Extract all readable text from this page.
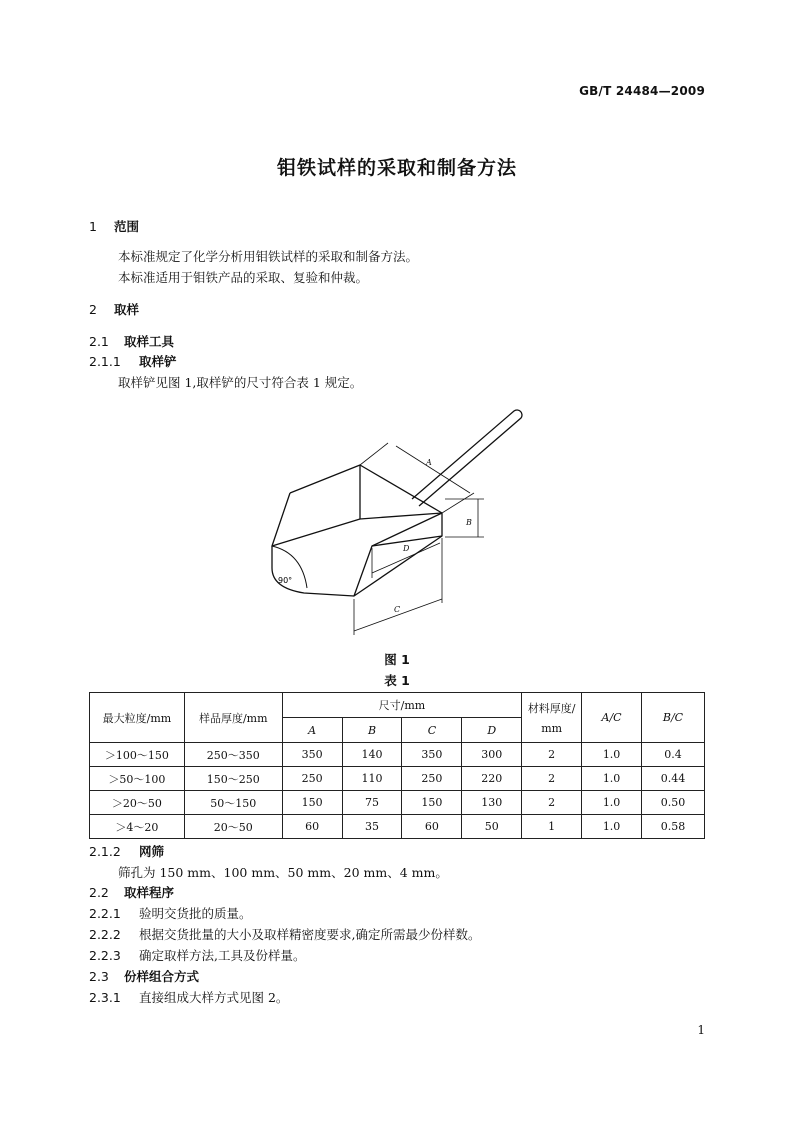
GB/T 24484—2009
钼铁试样的采取和制备方法
1 范围
本标准规定了化学分析用钼铁试样的采取和制备方法。
本标准适用于钼铁产品的采取、复验和仲裁。
2 取样
2.1 取样工具
2.1.1 取样铲
取样铲见图 1,取样铲的尺寸符合表 1 规定。
90°
A
B
C
D
图 1
表 1
最大粒度/mm	样品厚度/mm	尺寸/mm				材料厚度/
mm	A/C	B/C
		A	B	C	D			
＞100～150	250～350	350	140	350	300	2	1.0	0.4
＞50～100	150～250	250	110	250	220	2	1.0	0.44
＞20～50	50～150	150	75	150	130	2	1.0	0.50
＞4～20	20～50	60	35	60	50	1	1.0	0.58
2.1.2 网筛
筛孔为 150 mm、100 mm、50 mm、20 mm、4 mm。
2.2 取样程序
2.2.1 验明交货批的质量。
2.2.2 根据交货批量的大小及取样精密度要求,确定所需最少份样数。
2.2.3 确定取样方法,工具及份样量。
2.3 份样组合方式
2.3.1 直接组成大样方式见图 2。
1
